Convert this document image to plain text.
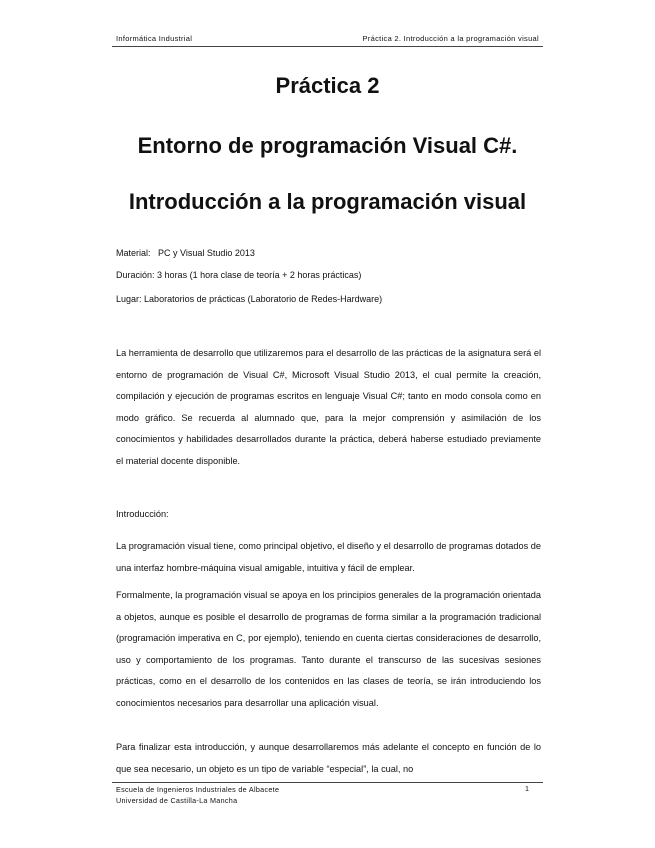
Informática Industrial	Práctica 2. Introducción a la programación visual
Práctica 2
Entorno de programación Visual C#.
Introducción a la programación visual
Material: PC y Visual Studio 2013
Duración: 3 horas (1 hora clase de teoría + 2 horas prácticas)
Lugar: Laboratorios de prácticas (Laboratorio de Redes-Hardware)
La herramienta de desarrollo que utilizaremos para el desarrollo de las prácticas de la asignatura será el entorno de programación de Visual C#, Microsoft Visual Studio 2013, el cual permite la creación, compilación y ejecución de programas escritos en lenguaje Visual C#; tanto en modo consola como en modo gráfico. Se recuerda al alumnado que, para la mejor comprensión y asimilación de los conocimientos y habilidades desarrollados durante la práctica, deberá haberse estudiado previamente el material docente disponible.
Introducción:
La programación visual tiene, como principal objetivo, el diseño y el desarrollo de programas dotados de una interfaz hombre-máquina visual amigable, intuitiva y fácil de emplear.
Formalmente, la programación visual se apoya en los principios generales de la programación orientada a objetos, aunque es posible el desarrollo de programas de forma similar a la programación tradicional (programación imperativa en C, por ejemplo), teniendo en cuenta ciertas consideraciones de desarrollo, uso y comportamiento de los programas. Tanto durante el transcurso de las sucesivas sesiones prácticas, como en el desarrollo de los contenidos en las clases de teoría, se irán introduciendo los conocimientos necesarios para desarrollar una aplicación visual.
Para finalizar esta introducción, y aunque desarrollaremos más adelante el concepto en función de lo que sea necesario, un objeto es un tipo de variable “especial”, la cual, no
Escuela de Ingenieros Industriales de Albacete
Universidad de Castilla-La Mancha
1
